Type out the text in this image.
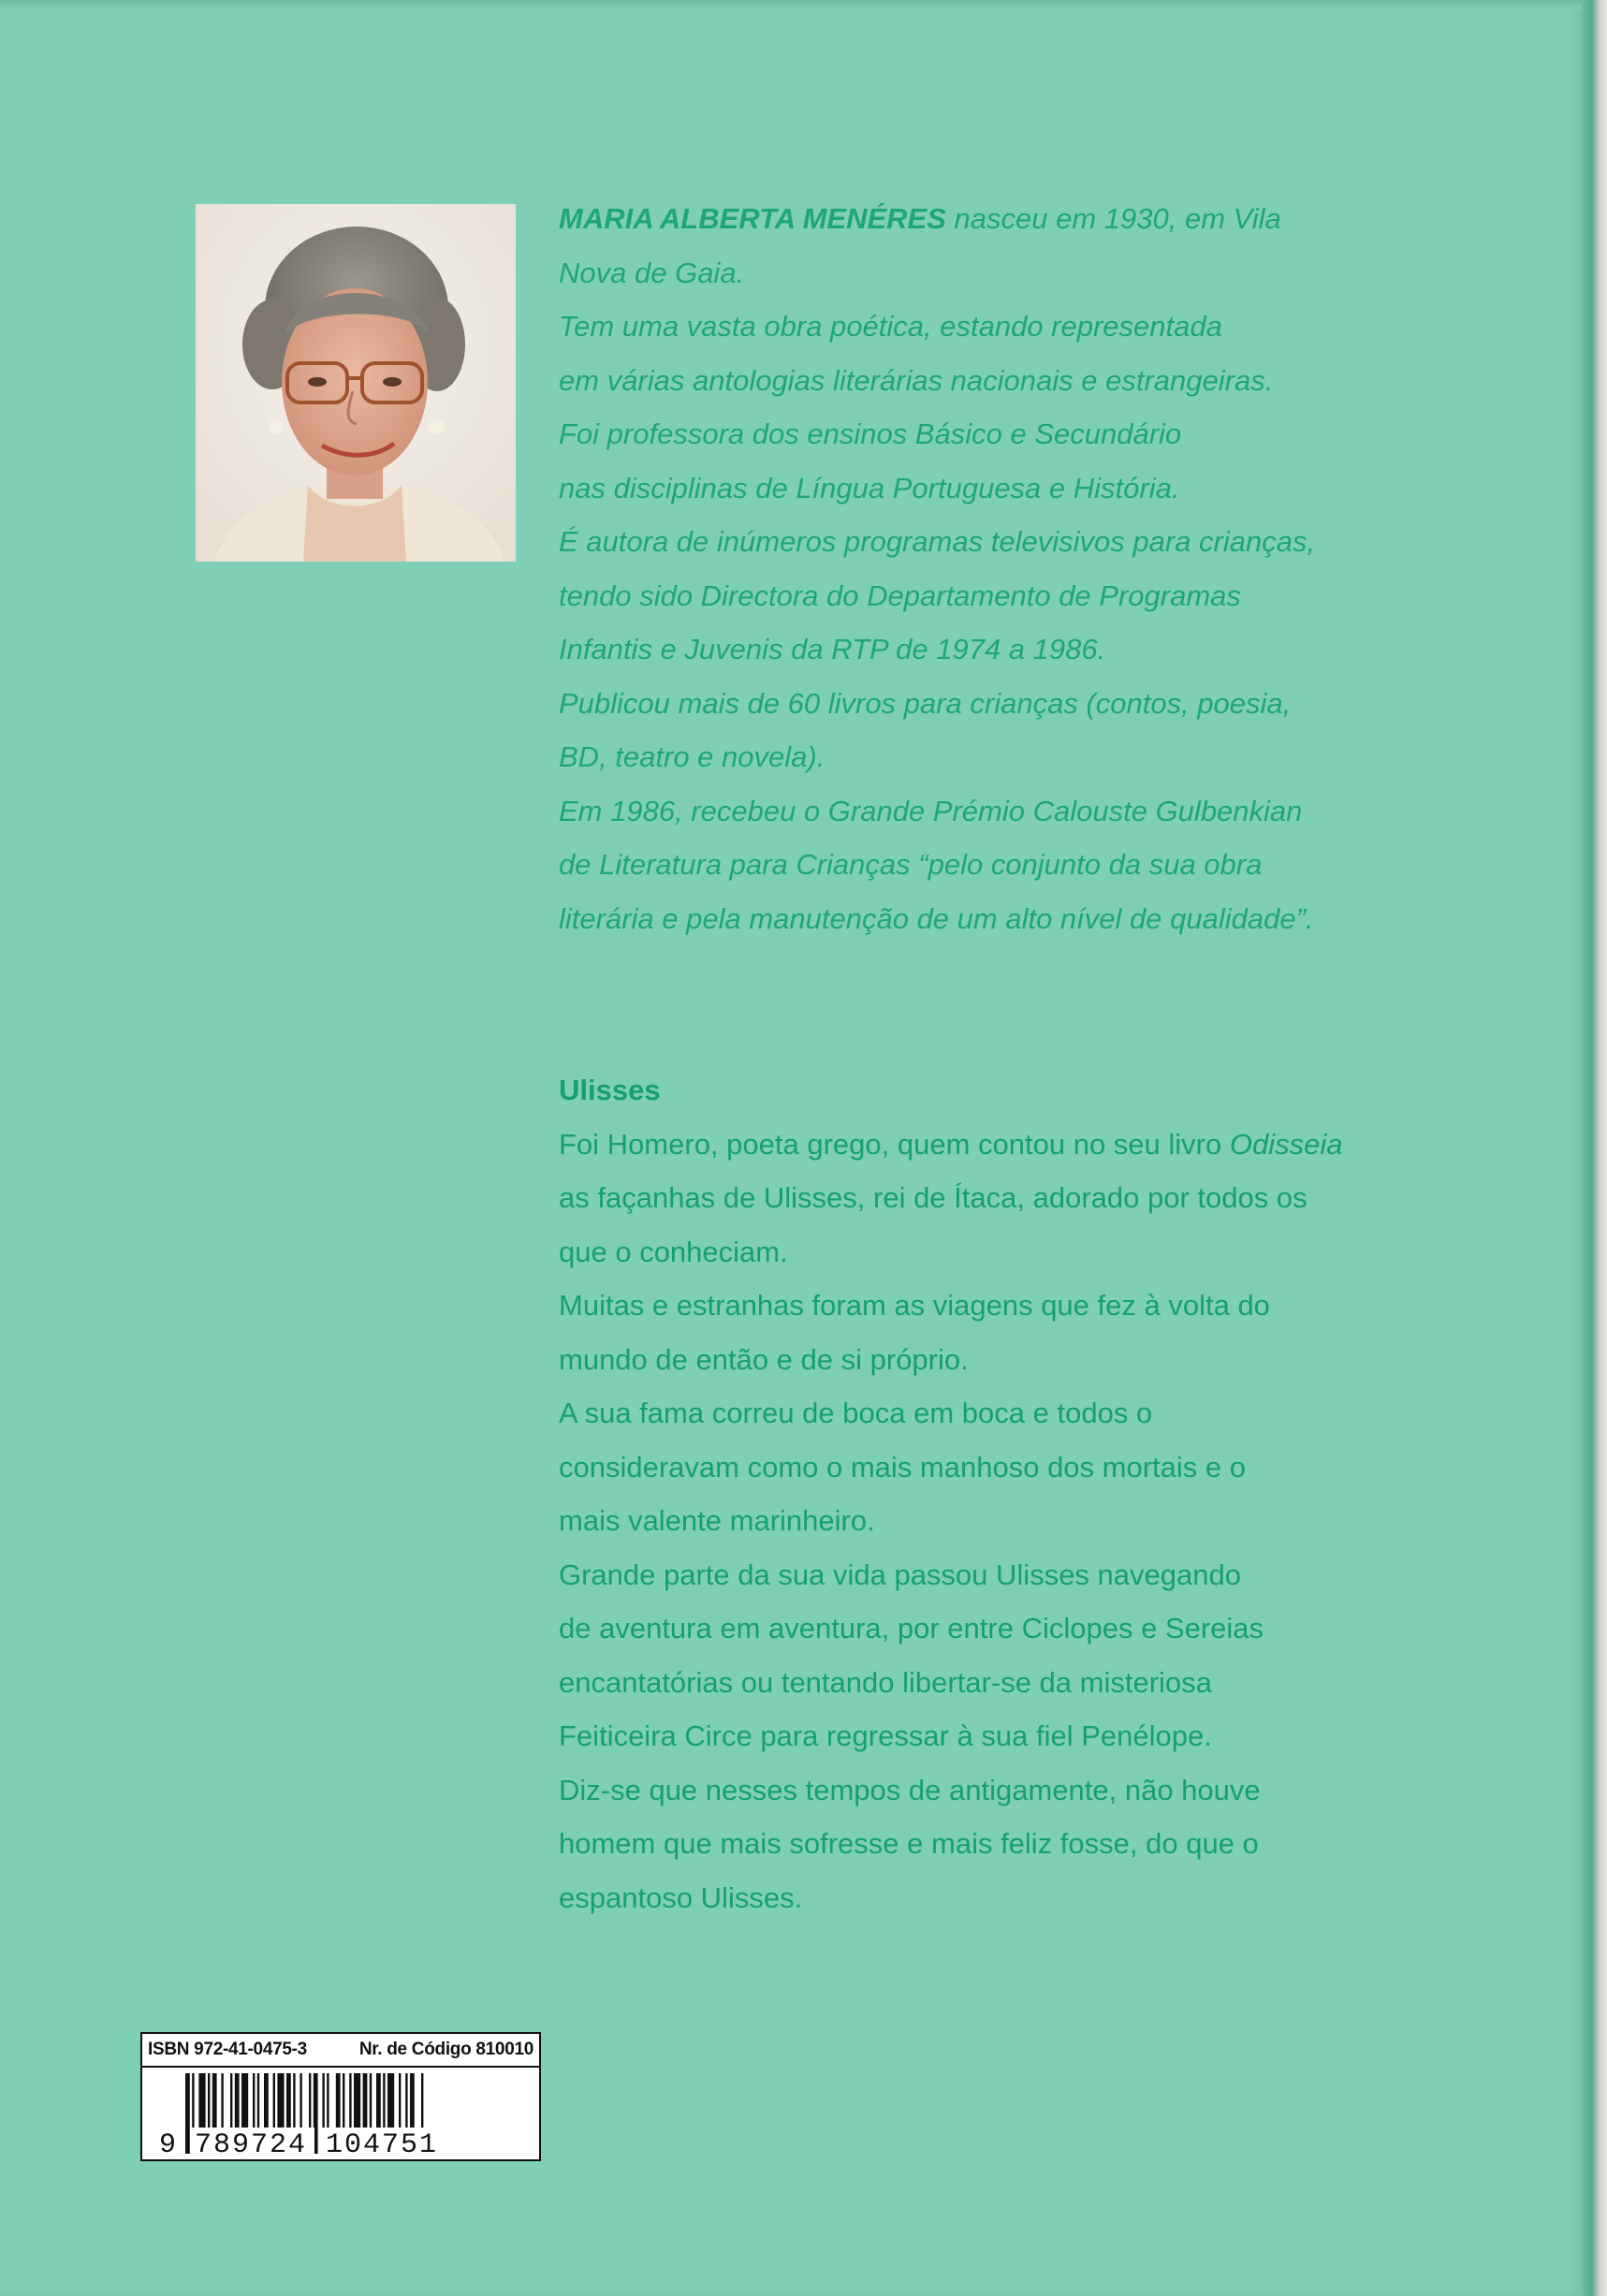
MARIA ALBERTA MENÉRES nasceu em 1930, em Vila

Nova de Gaia.

Tem uma vasta obra poética, estando representada

em várias antologias literárias nacionais e estrangeiras.

Foi professora dos ensinos Básico e Secundário

nas disciplinas de Língua Portuguesa e História.

É autora de inúmeros programas televisivos para crianças,

tendo sido Directora do Departamento de Programas

Infantis e Juvenis da RTP de 1974 a 1986.

Publicou mais de 60 livros para crianças (contos, poesia,

BD, teatro e novela).

Em 1986, recebeu o Grande Prémio Calouste Gulbenkian

de Literatura para Crianças “pelo conjunto da sua obra

literária e pela manutenção de um alto nível de qualidade”.

Ulisses

Foi Homero, poeta grego, quem contou no seu livro Odisseia

as façanhas de Ulisses, rei de Ítaca, adorado por todos os

que o conheciam.

Muitas e estranhas foram as viagens que fez à volta do

mundo de então e de si próprio.

A sua fama correu de boca em boca e todos o

consideravam como o mais manhoso dos mortais e o

mais valente marinheiro.

Grande parte da sua vida passou Ulisses navegando

de aventura em aventura, por entre Ciclopes e Sereias

encantatórias ou tentando libertar-se da misteriosa

Feiticeira Circe para regressar à sua fiel Penélope.

Diz-se que nesses tempos de antigamente, não houve

homem que mais sofresse e mais feliz fosse, do que o

espantoso Ulisses.

ISBN 972-41-0475-3	Nr. de Código 810010
9 789724 104751
